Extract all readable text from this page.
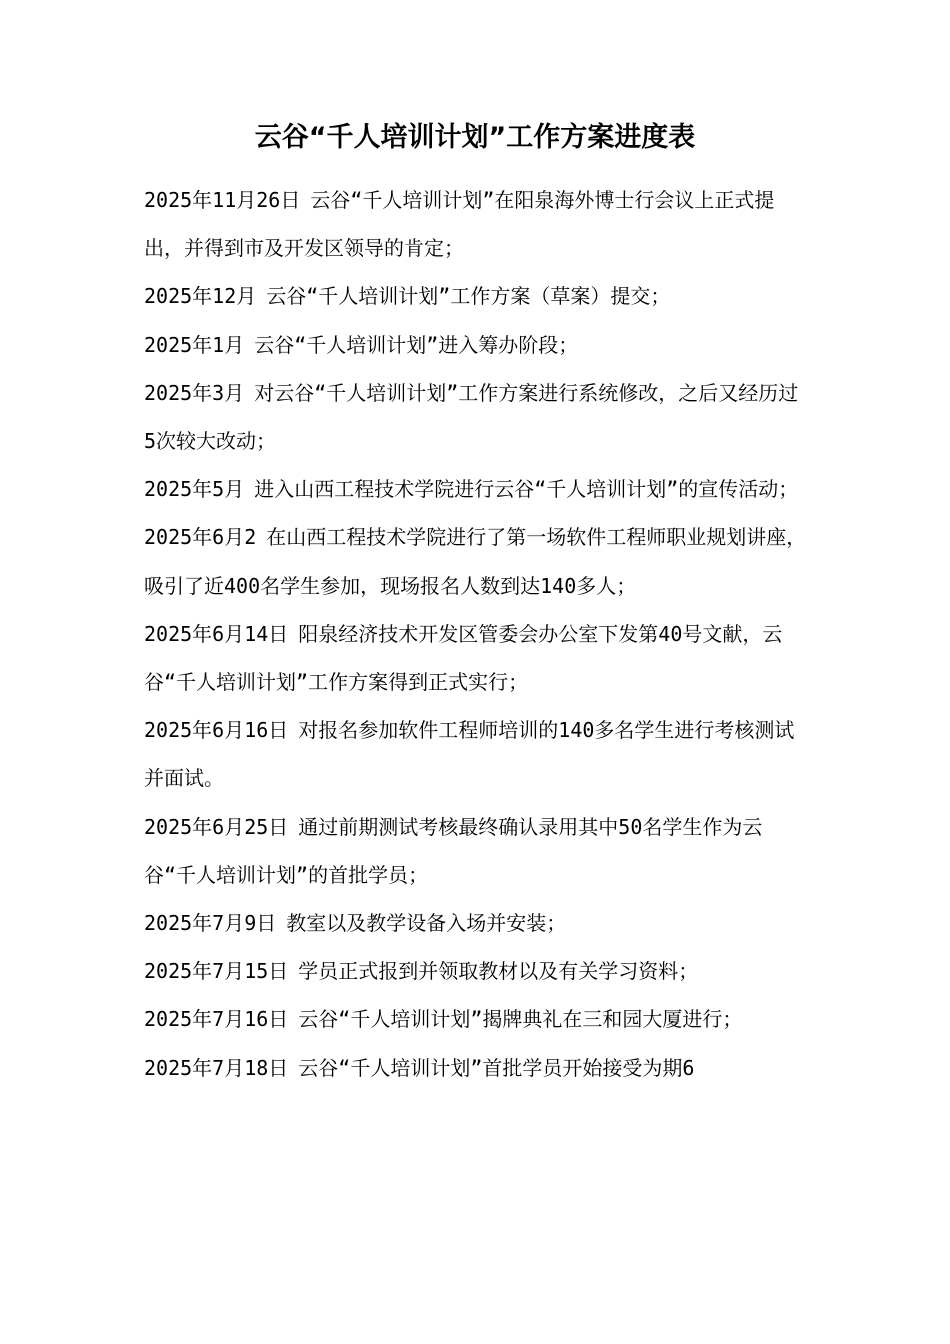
云谷“千人培训计划”工作方案进度表

2025年11月26日 云谷“千人培训计划”在阳泉海外博士行会议上正式提出，并得到市及开发区领导的肯定；

2025年12月 云谷“千人培训计划”工作方案（草案）提交；

2025年1月 云谷“千人培训计划”进入筹办阶段；

2025年3月 对云谷“千人培训计划”工作方案进行系统修改，之后又经历过5次较大改动；

2025年5月 进入山西工程技术学院进行云谷“千人培训计划”的宣传活动；

2025年6月2 在山西工程技术学院进行了第一场软件工程师职业规划讲座，吸引了近400名学生参加，现场报名人数到达140多人；

2025年6月14日 阳泉经济技术开发区管委会办公室下发第40号文献，云谷“千人培训计划”工作方案得到正式实行；

2025年6月16日 对报名参加软件工程师培训的140多名学生进行考核测试并面试。

2025年6月25日 通过前期测试考核最终确认录用其中50名学生作为云谷“千人培训计划”的首批学员；

2025年7月9日 教室以及教学设备入场并安装；

2025年7月15日 学员正式报到并领取教材以及有关学习资料；

2025年7月16日 云谷“千人培训计划”揭牌典礼在三和园大厦进行；

2025年7月18日 云谷“千人培训计划”首批学员开始接受为期6
